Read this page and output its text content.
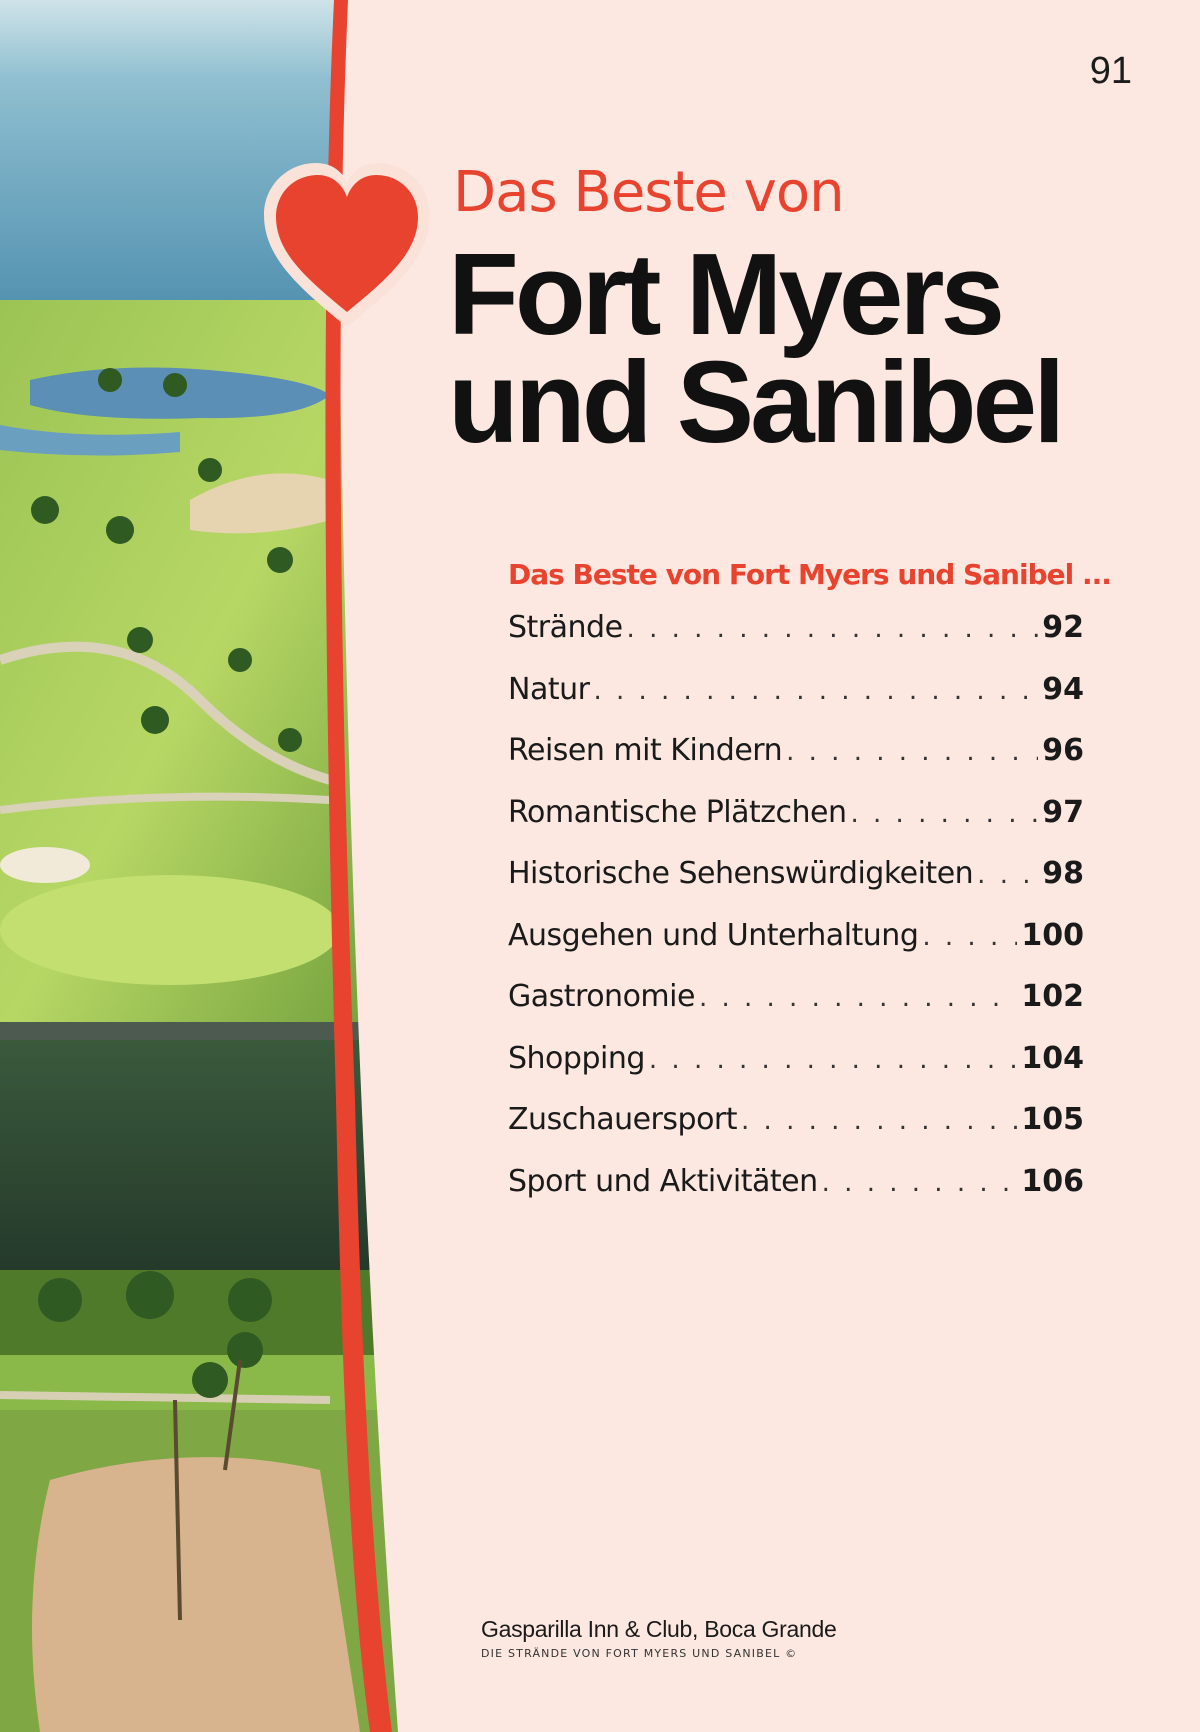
91
Das Beste von
Fort Myers
und Sanibel
Das Beste von Fort Myers und Sanibel ...
Strände . . .	92
Natur . . .	94
Reisen mit Kindern . . .	96
Romantische Plätzchen . . .	97
Historische Sehenswürdigkeiten . . . 98
Ausgehen und Unterhaltung . . .	100
Gastronomie . . .	102
Shopping . . .	104
Zuschauersport . . .	105
Sport und Aktivitäten . . .	106
Gasparilla Inn & Club, Boca Grande
DIE STRÄNDE VON FORT MYERS UND SANIBEL ©
